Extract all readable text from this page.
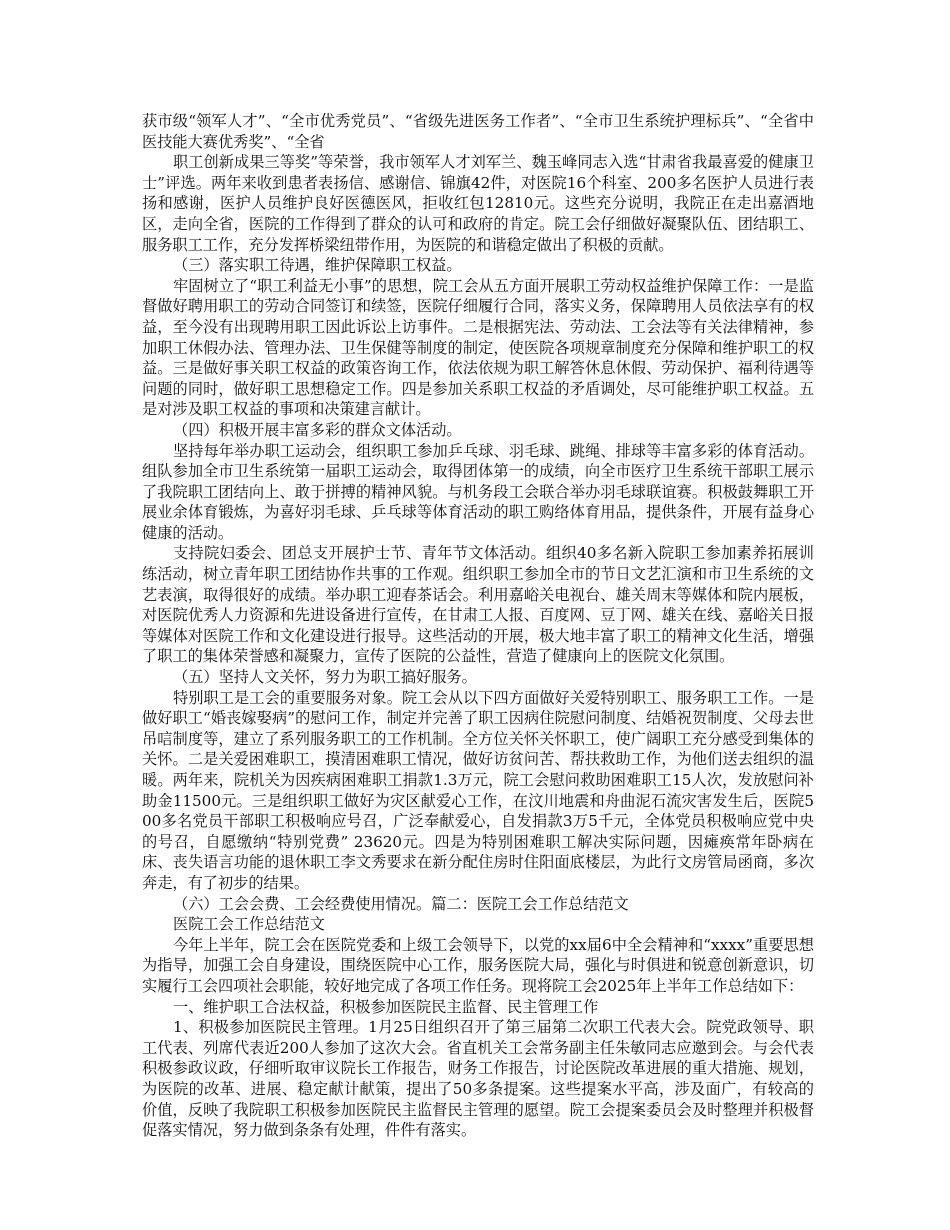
获市级“领军人才”、“全市优秀党员”、“省级先进医务工作者”、“全市卫生系统护理标兵”、“全省中医技能大赛优秀奖”、“全省

职工创新成果三等奖”等荣誉，我市领军人才刘军兰、魏玉峰同志入选“甘肃省我最喜爱的健康卫士”评选。两年来收到患者表扬信、感谢信、锦旗42件，对医院16个科室、200多名医护人员进行表扬和感谢，医护人员维护良好医德医风，拒收红包12810元。这些充分说明，我院正在走出嘉酒地区，走向全省，医院的工作得到了群众的认可和政府的肯定。院工会仔细做好凝聚队伍、团结职工、服务职工工作，充分发挥桥梁纽带作用，为医院的和谐稳定做出了积极的贡献。

（三）落实职工待遇，维护保障职工权益。

牢固树立了“职工利益无小事”的思想，院工会从五方面开展职工劳动权益维护保障工作：一是监督做好聘用职工的劳动合同签订和续签，医院仔细履行合同，落实义务，保障聘用人员依法享有的权益，至今没有出现聘用职工因此诉讼上访事件。二是根据宪法、劳动法、工会法等有关法律精神，参加职工休假办法、管理办法、卫生保健等制度的制定，使医院各项规章制度充分保障和维护职工的权益。三是做好事关职工权益的政策咨询工作，依法依规为职工解答休息休假、劳动保护、福利待遇等问题的同时，做好职工思想稳定工作。四是参加关系职工权益的矛盾调处，尽可能维护职工权益。五是对涉及职工权益的事项和决策建言献计。

（四）积极开展丰富多彩的群众文体活动。

坚持每年举办职工运动会，组织职工参加乒乓球、羽毛球、跳绳、排球等丰富多彩的体育活动。组队参加全市卫生系统第一届职工运动会，取得团体第一的成绩，向全市医疗卫生系统干部职工展示了我院职工团结向上、敢于拼搏的精神风貌。与机务段工会联合举办羽毛球联谊赛。积极鼓舞职工开展业余体育锻炼，为喜好羽毛球、乒乓球等体育活动的职工购络体育用品，提供条件，开展有益身心健康的活动。

支持院妇委会、团总支开展护士节、青年节文体活动。组织40多名新入院职工参加素养拓展训练活动，树立青年职工团结协作共事的工作观。组织职工参加全市的节日文艺汇演和市卫生系统的文艺表演，取得很好的成绩。举办职工迎春茶话会。利用嘉峪关电视台、雄关周末等媒体和院内展板，对医院优秀人力资源和先进设备进行宣传，在甘肃工人报、百度网、豆丁网、雄关在线、嘉峪关日报等媒体对医院工作和文化建设进行报导。这些活动的开展，极大地丰富了职工的精神文化生活，增强了职工的集体荣誉感和凝聚力，宣传了医院的公益性，营造了健康向上的医院文化氛围。

（五）坚持人文关怀，努力为职工搞好服务。

特别职工是工会的重要服务对象。院工会从以下四方面做好关爱特别职工、服务职工工作。一是做好职工“婚丧嫁娶病”的慰问工作，制定并完善了职工因病住院慰问制度、结婚祝贺制度、父母去世吊唁制度等，建立了系列服务职工的工作机制。全方位关怀关怀职工，使广阔职工充分感受到集体的关怀。二是关爱困难职工，摸清困难职工情况，做好访贫问苦、帮扶救助工作，为他们送去组织的温暖。两年来，院机关为因疾病困难职工捐款1.3万元，院工会慰问救助困难职工15人次，发放慰问补助金11500元。三是组织职工做好为灾区献爱心工作，在汶川地震和舟曲泥石流灾害发生后，医院500多名党员干部职工积极响应号召，广泛奉献爱心，自发捐款3万5千元，全体党员积极响应党中央的号召，自愿缴纳“特别党费” 23620元。四是为特别困难职工解决实际问题，因瘫痪常年卧病在床、丧失语言功能的退休职工李文秀要求在新分配住房时住阳面底楼层，为此行文房管局函商，多次奔走，有了初步的结果。

（六）工会会费、工会经费使用情况。篇二：医院工会工作总结范文

医院工会工作总结范文

今年上半年，院工会在医院党委和上级工会领导下，以党的xx届6中全会精神和“xxxx”重要思想为指导，加强工会自身建设，围绕医院中心工作，服务医院大局，强化与时俱进和锐意创新意识，切实履行工会四项社会职能，较好地完成了各项工作任务。现将院工会2025年上半年工作总结如下：

一、维护职工合法权益，积极参加医院民主监督、民主管理工作

1、积极参加医院民主管理。1月25日组织召开了第三届第二次职工代表大会。院党政领导、职工代表、列席代表近200人参加了这次大会。省直机关工会常务副主任朱敏同志应邀到会。与会代表积极参政议政，仔细听取审议院长工作报告，财务工作报告，讨论医院改革进展的重大措施、规划，为医院的改革、进展、稳定献计献策，提出了50多条提案。这些提案水平高，涉及面广，有较高的价值，反映了我院职工积极参加医院民主监督民主管理的愿望。院工会提案委员会及时整理并积极督促落实情况，努力做到条条有处理，件件有落实。
